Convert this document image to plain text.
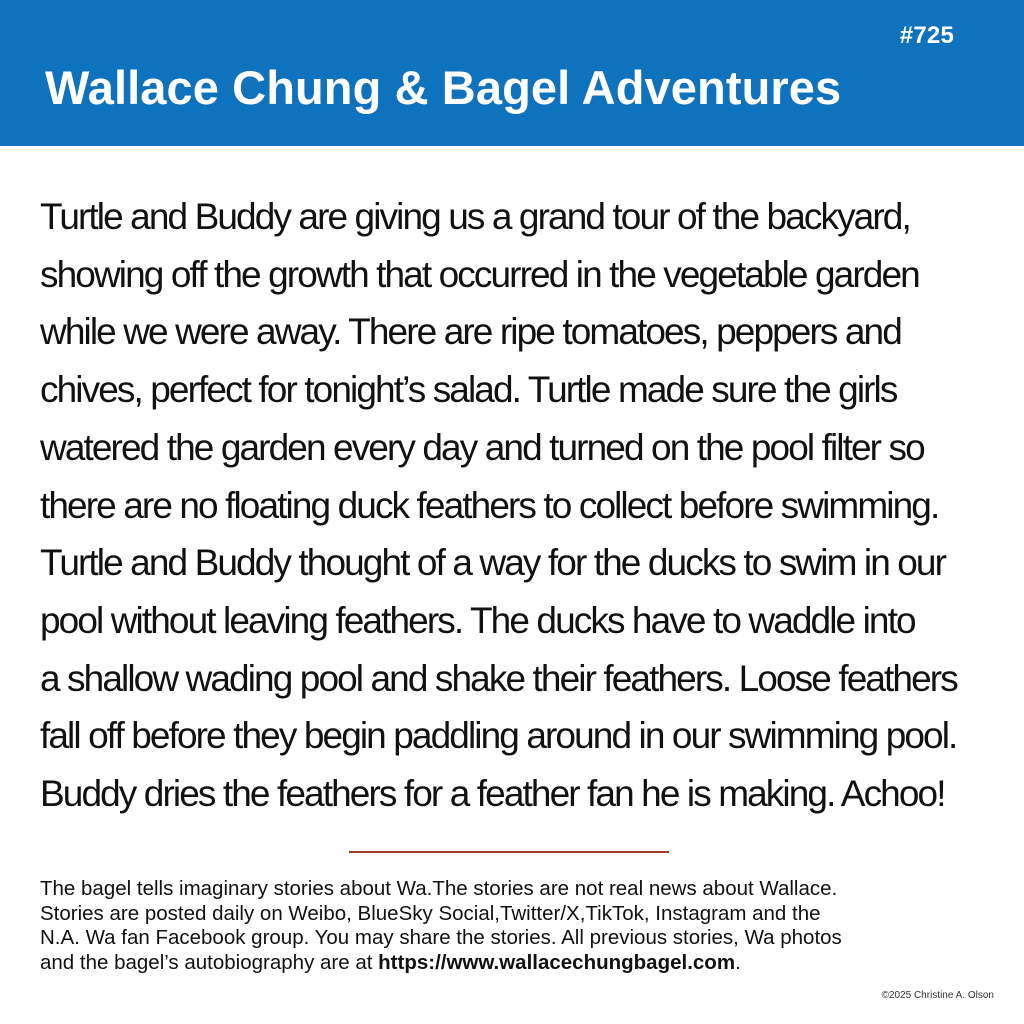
#725
Wallace Chung & Bagel Adventures
Turtle and Buddy are giving us a grand tour of the backyard,
showing off the growth that occurred in the vegetable garden
while we were away. There are ripe tomatoes, peppers and
chives, perfect for tonight’s salad. Turtle made sure the girls
watered the garden every day and turned on the pool filter so
there are no floating duck feathers to collect before swimming.
Turtle and Buddy thought of a way for the ducks to swim in our
pool without leaving feathers. The ducks have to waddle into
a shallow wading pool and shake their feathers. Loose feathers
fall off before they begin paddling around in our swimming pool.
Buddy dries the feathers for a feather fan he is making. Achoo!
The bagel tells imaginary stories about Wa.The stories are not real news about Wallace.
Stories are posted daily on Weibo, BlueSky Social,Twitter/X,TikTok, Instagram and the
N.A. Wa fan Facebook group. You may share the stories. All previous stories, Wa photos
and the bagel’s autobiography are at https://www.wallacechungbagel.com.
©2025 Christine A. Olson
